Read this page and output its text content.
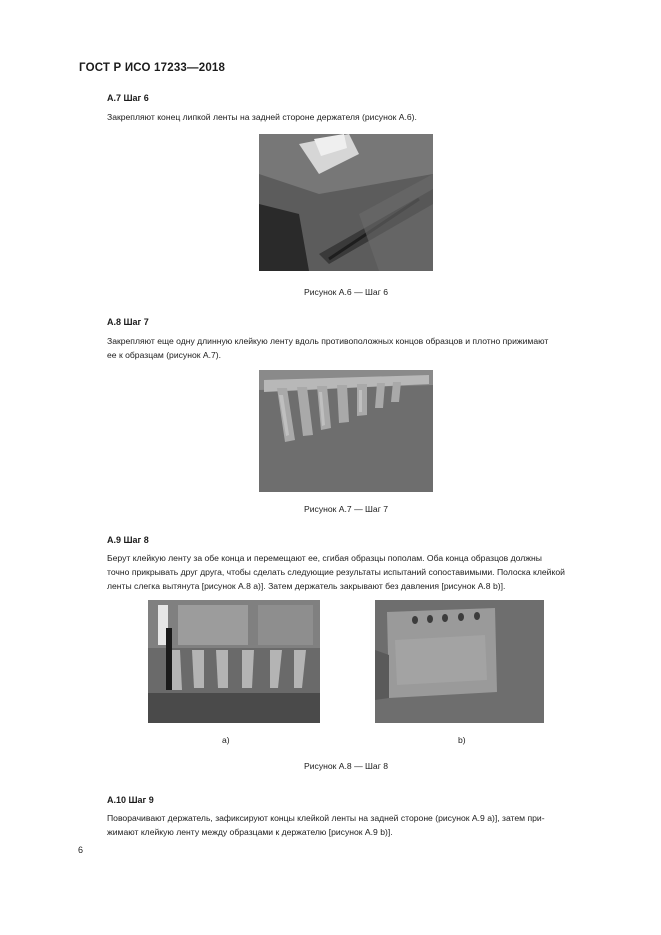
ГОСТ Р ИСО 17233—2018
А.7 Шаг 6
Закрепляют конец липкой ленты на задней стороне держателя (рисунок А.6).
Рисунок А.6 — Шаг 6
А.8 Шаг 7
Закрепляют еще одну длинную клейкую ленту вдоль противоположных концов образцов и плотно прижимают
ее к образцам (рисунок А.7).
Рисунок А.7 — Шаг 7
А.9 Шаг 8
Берут клейкую ленту за обе конца и перемещают ее, сгибая образцы пополам. Оба конца образцов должны
точно прикрывать друг друга, чтобы сделать следующие результаты испытаний сопоставимыми. Полоска клейкой
ленты слегка вытянута [рисунок А.8 а)]. Затем держатель закрывают без давления [рисунок А.8 b)].
а)	b)
Рисунок А.8 — Шаг 8
А.10 Шаг 9
Поворачивают держатель, зафиксируют концы клейкой ленты на задней стороне (рисунок А.9 а)], затем при-
жимают клейкую ленту между образцами к держателю [рисунок А.9 b)].
6
